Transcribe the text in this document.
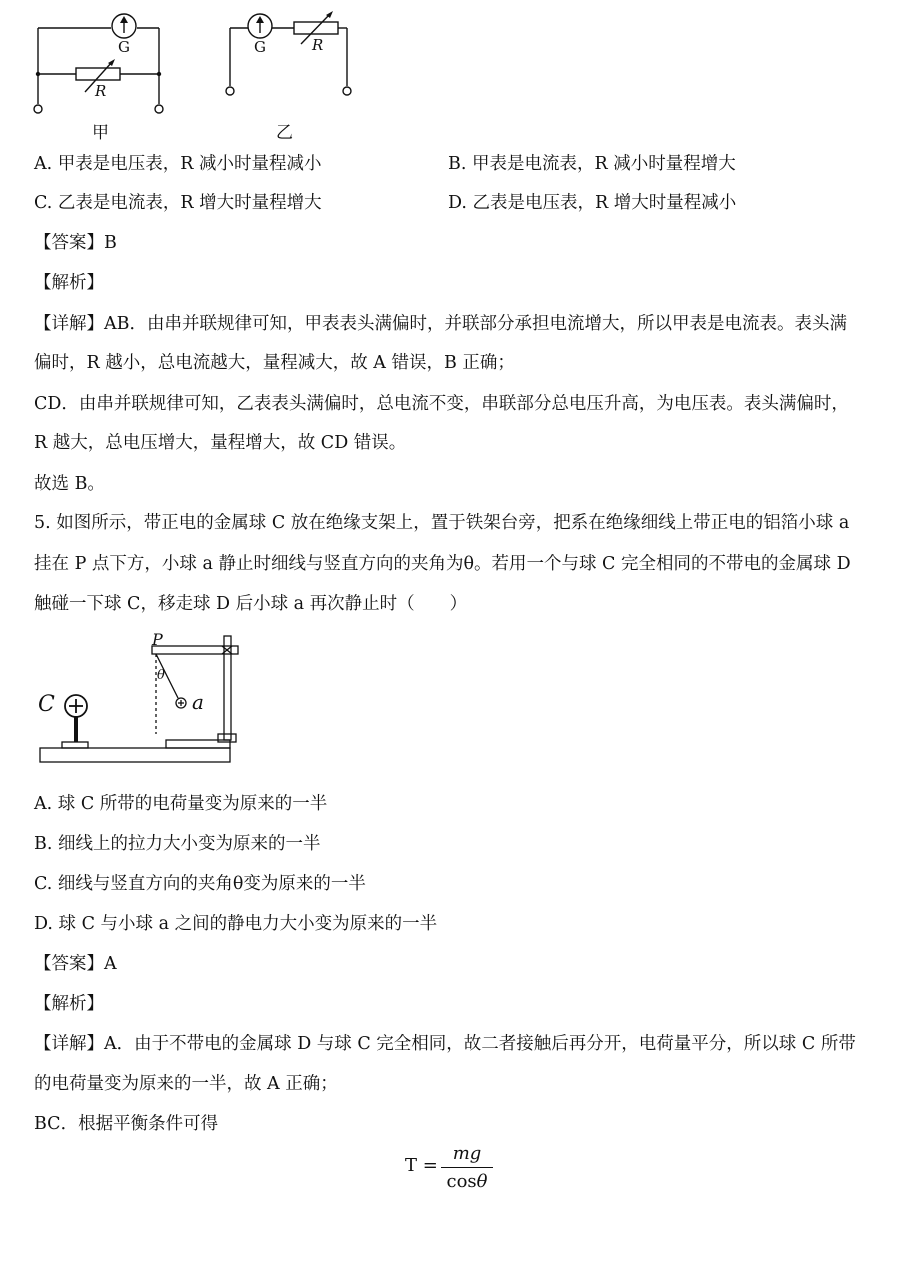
G
R
甲
G	R
乙
A. 甲表是电压表，R 减小时量程减小	B. 甲表是电流表，R 减小时量程增大
C. 乙表是电流表，R 增大时量程增大	D. 乙表是电压表，R 增大时量程减小
【答案】B
【解析】
【详解】AB．由串并联规律可知，甲表表头满偏时，并联部分承担电流增大，所以甲表是电流表。表头满
偏时，R 越小，总电流越大，量程减大，故 A 错误，B 正确；
CD．由串并联规律可知，乙表表头满偏时，总电流不变，串联部分总电压升高，为电压表。表头满偏时，
R 越大，总电压增大，量程增大，故 CD 错误。
故选 B。
5. 如图所示，带正电的金属球 C 放在绝缘支架上，置于铁架台旁，把系在绝缘细线上带正电的铝箔小球 a
挂在 P 点下方，小球 a 静止时细线与竖直方向的夹角为θ。若用一个与球 C 完全相同的不带电的金属球 D
触碰一下球 C，移走球 D 后小球 a 再次静止时（　　）
P
θ
a
C
A. 球 C 所带的电荷量变为原来的一半
B. 细线上的拉力大小变为原来的一半
C. 细线与竖直方向的夹角θ变为原来的一半
D. 球 C 与小球 a 之间的静电力大小变为原来的一半
【答案】A
【解析】
【详解】A．由于不带电的金属球 D 与球 C 完全相同，故二者接触后再分开，电荷量平分，所以球 C 所带
的电荷量变为原来的一半，故 A 正确；
BC．根据平衡条件可得
T =
mg
cosθ
